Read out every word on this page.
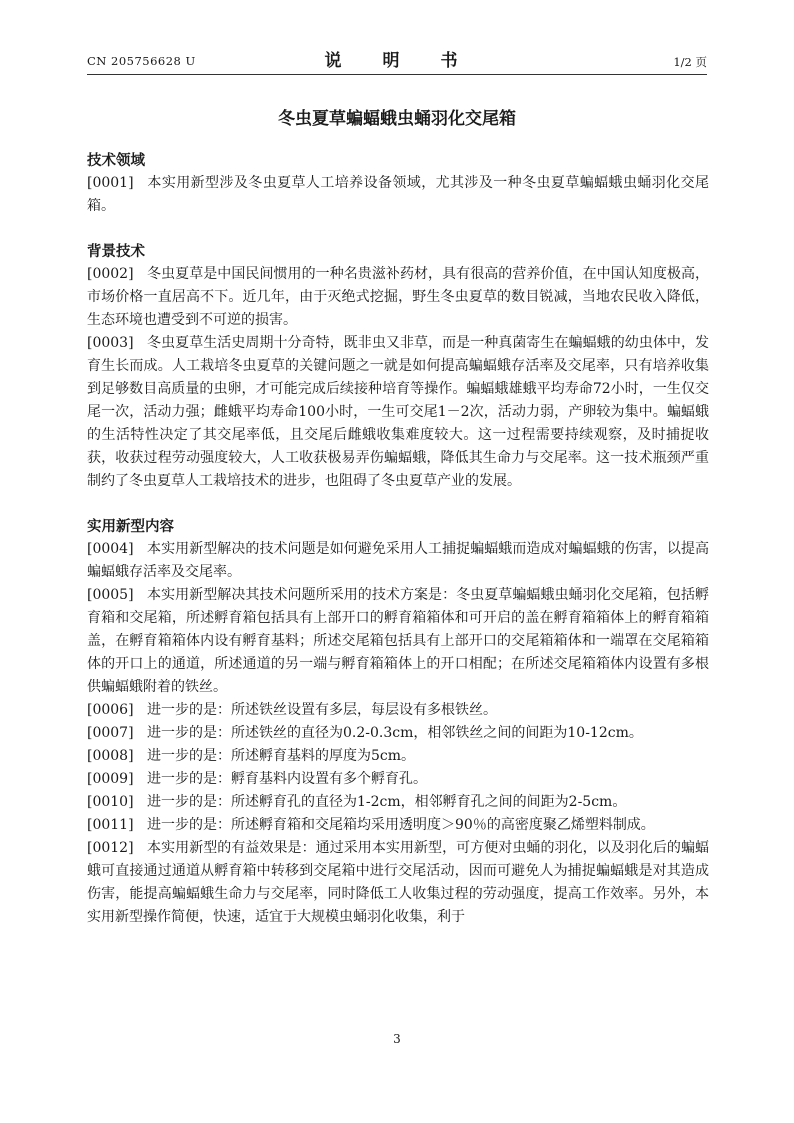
CN 205756628 U	说　明　书	1/2 页
冬虫夏草蝙蝠蛾虫蛹羽化交尾箱
技术领域

[0001] 本实用新型涉及冬虫夏草人工培养设备领域，尤其涉及一种冬虫夏草蝙蝠蛾虫蛹羽化交尾箱。

背景技术

[0002] 冬虫夏草是中国民间惯用的一种名贵滋补药材，具有很高的营养价值，在中国认知度极高，市场价格一直居高不下。近几年，由于灭绝式挖掘，野生冬虫夏草的数目锐减，当地农民收入降低，生态环境也遭受到不可逆的损害。

[0003] 冬虫夏草生活史周期十分奇特，既非虫又非草，而是一种真菌寄生在蝙蝠蛾的幼虫体中，发育生长而成。人工栽培冬虫夏草的关键问题之一就是如何提高蝙蝠蛾存活率及交尾率，只有培养收集到足够数目高质量的虫卵，才可能完成后续接种培育等操作。蝙蝠蛾雄蛾平均寿命72小时，一生仅交尾一次，活动力强；雌蛾平均寿命100小时，一生可交尾1－2次，活动力弱，产卵较为集中。蝙蝠蛾的生活特性决定了其交尾率低，且交尾后雌蛾收集难度较大。这一过程需要持续观察，及时捕捉收获，收获过程劳动强度较大，人工收获极易弄伤蝙蝠蛾，降低其生命力与交尾率。这一技术瓶颈严重制约了冬虫夏草人工栽培技术的进步，也阻碍了冬虫夏草产业的发展。

实用新型内容

[0004] 本实用新型解决的技术问题是如何避免采用人工捕捉蝙蝠蛾而造成对蝙蝠蛾的伤害，以提高蝙蝠蛾存活率及交尾率。

[0005] 本实用新型解决其技术问题所采用的技术方案是：冬虫夏草蝙蝠蛾虫蛹羽化交尾箱，包括孵育箱和交尾箱，所述孵育箱包括具有上部开口的孵育箱箱体和可开启的盖在孵育箱箱体上的孵育箱箱盖，在孵育箱箱体内设有孵育基料；所述交尾箱包括具有上部开口的交尾箱箱体和一端罩在交尾箱箱体的开口上的通道，所述通道的另一端与孵育箱箱体上的开口相配；在所述交尾箱箱体内设置有多根供蝙蝠蛾附着的铁丝。

[0006] 进一步的是：所述铁丝设置有多层，每层设有多根铁丝。

[0007] 进一步的是：所述铁丝的直径为0.2-0.3cm，相邻铁丝之间的间距为10-12cm。

[0008] 进一步的是：所述孵育基料的厚度为5cm。

[0009] 进一步的是：孵育基料内设置有多个孵育孔。

[0010] 进一步的是：所述孵育孔的直径为1-2cm，相邻孵育孔之间的间距为2-5cm。

[0011] 进一步的是：所述孵育箱和交尾箱均采用透明度＞90％的高密度聚乙烯塑料制成。

[0012] 本实用新型的有益效果是：通过采用本实用新型，可方便对虫蛹的羽化，以及羽化后的蝙蝠蛾可直接通过通道从孵育箱中转移到交尾箱中进行交尾活动，因而可避免人为捕捉蝙蝠蛾是对其造成伤害，能提高蝙蝠蛾生命力与交尾率，同时降低工人收集过程的劳动强度，提高工作效率。另外，本实用新型操作简便，快速，适宜于大规模虫蛹羽化收集，利于

3
